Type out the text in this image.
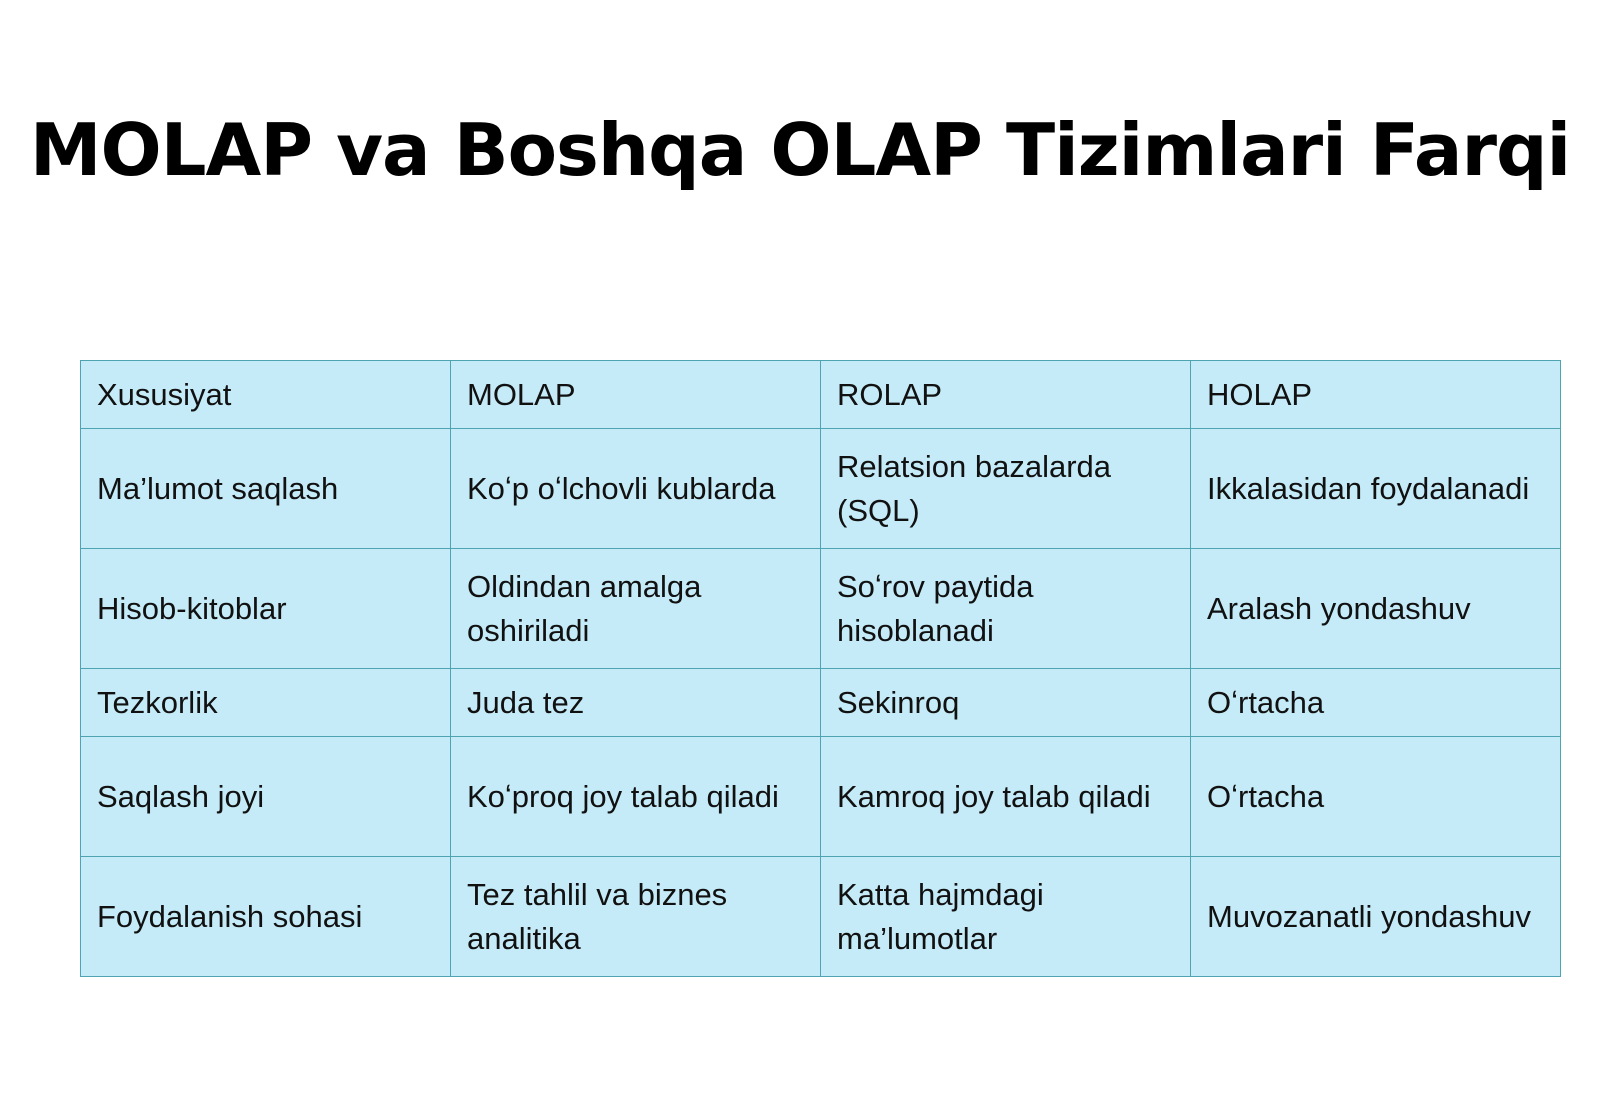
MOLAP va Boshqa OLAP Tizimlari Farqi
Xususiyat	MOLAP	ROLAP	HOLAP
Ma’lumot saqlash	Koʻp oʻlchovli kublarda	Relatsion bazalarda (SQL)	Ikkalasidan foydalanadi
Hisob-kitoblar	Oldindan amalga oshiriladi	Soʻrov paytida hisoblanadi	Aralash yondashuv
Tezkorlik	Juda tez	Sekinroq	Oʻrtacha
Saqlash joyi	Koʻproq joy talab qiladi	Kamroq joy talab qiladi	Oʻrtacha
Foydalanish sohasi	Tez tahlil va biznes analitika	Katta hajmdagi ma’lumotlar	Muvozanatli yondashuv
